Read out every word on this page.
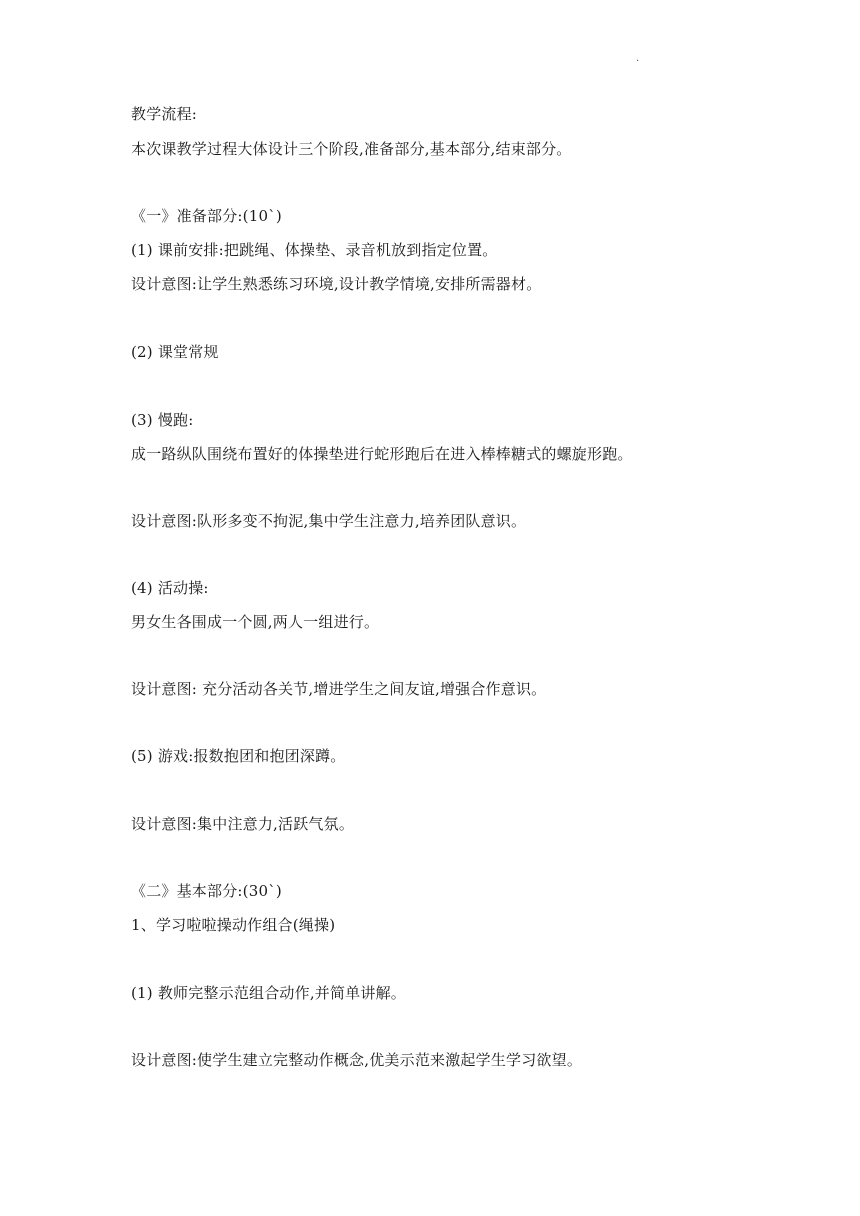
·
教学流程:
本次课教学过程大体设计三个阶段,准备部分,基本部分,结束部分。
《一》准备部分:(10`)
(1) 课前安排:把跳绳、体操垫、录音机放到指定位置。
设计意图:让学生熟悉练习环境,设计教学情境,安排所需器材。
(2) 课堂常规
(3) 慢跑:
成一路纵队围绕布置好的体操垫进行蛇形跑后在进入棒棒糖式的螺旋形跑。
设计意图:队形多变不拘泥,集中学生注意力,培养团队意识。
(4) 活动操:
男女生各围成一个圆,两人一组进行。
设计意图: 充分活动各关节,增进学生之间友谊,增强合作意识。
(5) 游戏:报数抱团和抱团深蹲。
设计意图:集中注意力,活跃气氛。
《二》基本部分:(30`)
1、学习啦啦操动作组合(绳操)
(1) 教师完整示范组合动作,并简单讲解。
设计意图:使学生建立完整动作概念,优美示范来激起学生学习欲望。
